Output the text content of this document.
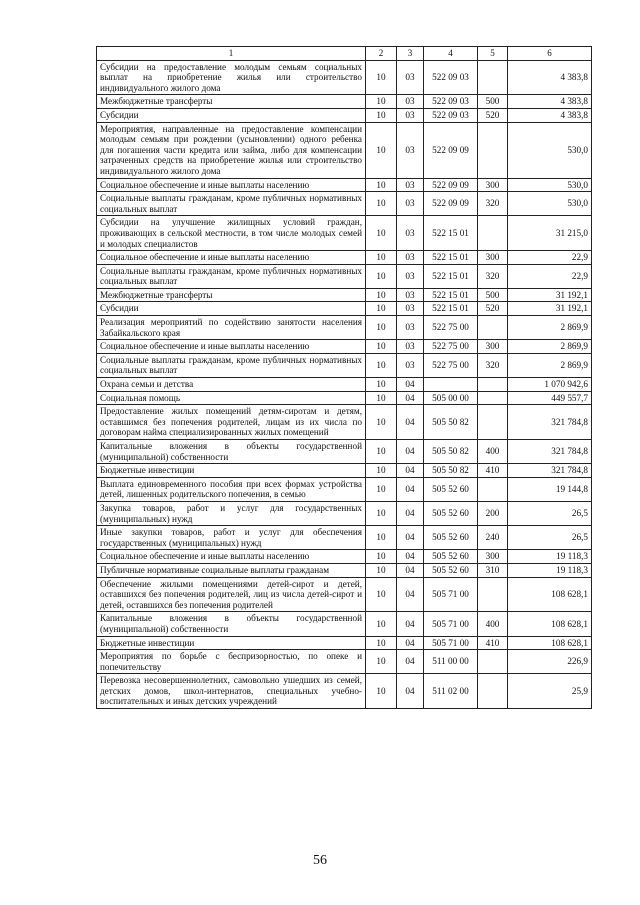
1	2	3	4	5	6
Субсидии на предоставление молодым семьям социальных выплат на приобретение жилья или строительство индивидуального жилого дома	10	03	522 09 03		4 383,8
Межбюджетные трансферты	10	03	522 09 03	500	4 383,8
Субсидии	10	03	522 09 03	520	4 383,8
Мероприятия, направленные на предоставление компенсации молодым семьям при рождении (усыновлении) одного ребенка для погашения части кредита или займа, либо для компенсации затраченных средств на приобретение жилья или строительство индивидуального жилого дома	10	03	522 09 09		530,0
Социальное обеспечение и иные выплаты населению	10	03	522 09 09	300	530,0
Социальные выплаты гражданам, кроме публичных нормативных социальных выплат	10	03	522 09 09	320	530,0
Субсидии на улучшение жилищных условий граждан, проживающих в сельской местности, в том числе молодых семей и молодых специалистов	10	03	522 15 01		31 215,0
Социальное обеспечение и иные выплаты населению	10	03	522 15 01	300	22,9
Социальные выплаты гражданам, кроме публичных нормативных социальных выплат	10	03	522 15 01	320	22,9
Межбюджетные трансферты	10	03	522 15 01	500	31 192,1
Субсидии	10	03	522 15 01	520	31 192,1
Реализация мероприятий по содействию занятости населения Забайкальского края	10	03	522 75 00		2 869,9
Социальное обеспечение и иные выплаты населению	10	03	522 75 00	300	2 869,9
Социальные выплаты гражданам, кроме публичных нормативных социальных выплат	10	03	522 75 00	320	2 869,9
Охрана семьи и детства	10	04			1 070 942,6
Социальная помощь	10	04	505 00 00		449 557,7
Предоставление жилых помещений детям-сиротам и детям, оставшимся без попечения родителей, лицам из их числа по договорам найма специализированных жилых помещений	10	04	505 50 82		321 784,8
Капитальные вложения в объекты государственной (муниципальной) собственности	10	04	505 50 82	400	321 784,8
Бюджетные инвестиции	10	04	505 50 82	410	321 784,8
Выплата единовременного пособия при всех формах устройства детей, лишенных родительского попечения, в семью	10	04	505 52 60		19 144,8
Закупка товаров, работ и услуг для государственных (муниципальных) нужд	10	04	505 52 60	200	26,5
Иные закупки товаров, работ и услуг для обеспечения государственных (муниципальных) нужд	10	04	505 52 60	240	26,5
Социальное обеспечение и иные выплаты населению	10	04	505 52 60	300	19 118,3
Публичные нормативные социальные выплаты гражданам	10	04	505 52 60	310	19 118,3
Обеспечение жилыми помещениями детей-сирот и детей, оставшихся без попечения родителей, лиц из числа детей-сирот и детей, оставшихся без попечения родителей	10	04	505 71 00		108 628,1
Капитальные вложения в объекты государственной (муниципальной) собственности	10	04	505 71 00	400	108 628,1
Бюджетные инвестиции	10	04	505 71 00	410	108 628,1
Мероприятия по борьбе с беспризорностью, по опеке и попечительству	10	04	511 00 00		226,9
Перевозка несовершеннолетних, самовольно ушедших из семей, детских домов, школ-интернатов, специальных учебно-воспитательных и иных детских учреждений	10	04	511 02 00		25,9
56
